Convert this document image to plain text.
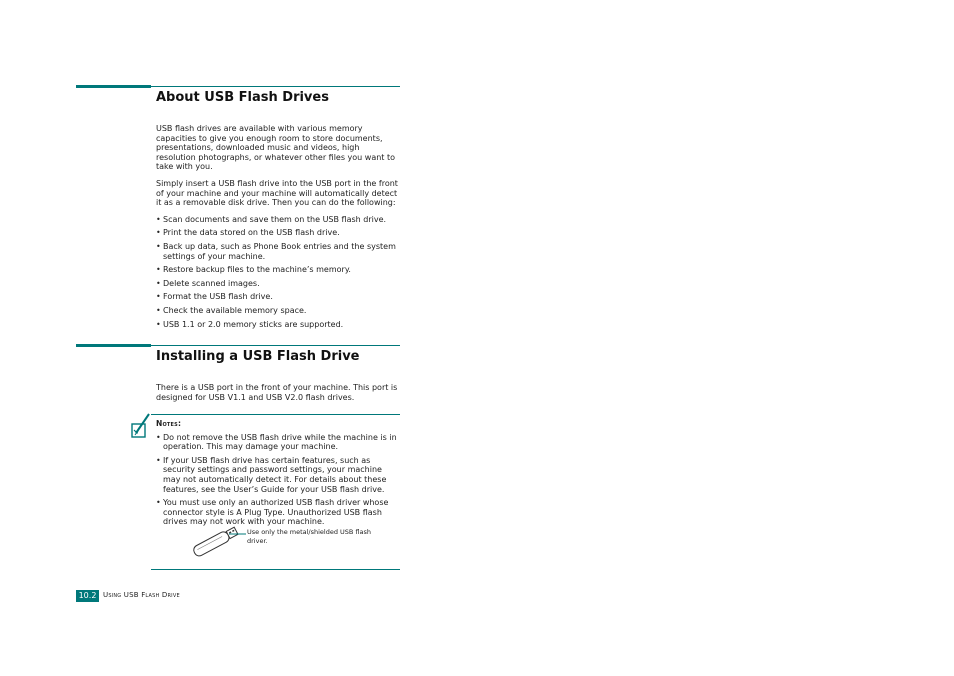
About USB Flash Drives

USB flash drives are available with various memory capacities to give you enough room to store documents, presentations, downloaded music and videos, high resolution photographs, or whatever other files you want to take with you.

Simply insert a USB flash drive into the USB port in the front of your machine and your machine will automatically detect it as a removable disk drive. Then you can do the following:

• Scan documents and save them on the USB flash drive.
• Print the data stored on the USB flash drive.
• Back up data, such as Phone Book entries and the system settings of your machine.
• Restore backup files to the machine’s memory.
• Delete scanned images.
• Format the USB flash drive.
• Check the available memory space.
• USB 1.1 or 2.0 memory sticks are supported.
Installing a USB Flash Drive

There is a USB port in the front of your machine. This port is designed for USB V1.1 and USB V2.0 flash drives.

Notes:
• Do not remove the USB flash drive while the machine is in operation. This may damage your machine.
• If your USB flash drive has certain features, such as security settings and password settings, your machine may not automatically detect it. For details about these features, see the User’s Guide for your USB flash drive.
• You must use only an authorized USB flash driver whose connector style is A Plug Type. Unauthorized USB flash drives may not work with your machine.
Use only the metal/shielded USB flash driver.
10.2 Using USB Flash Drive
